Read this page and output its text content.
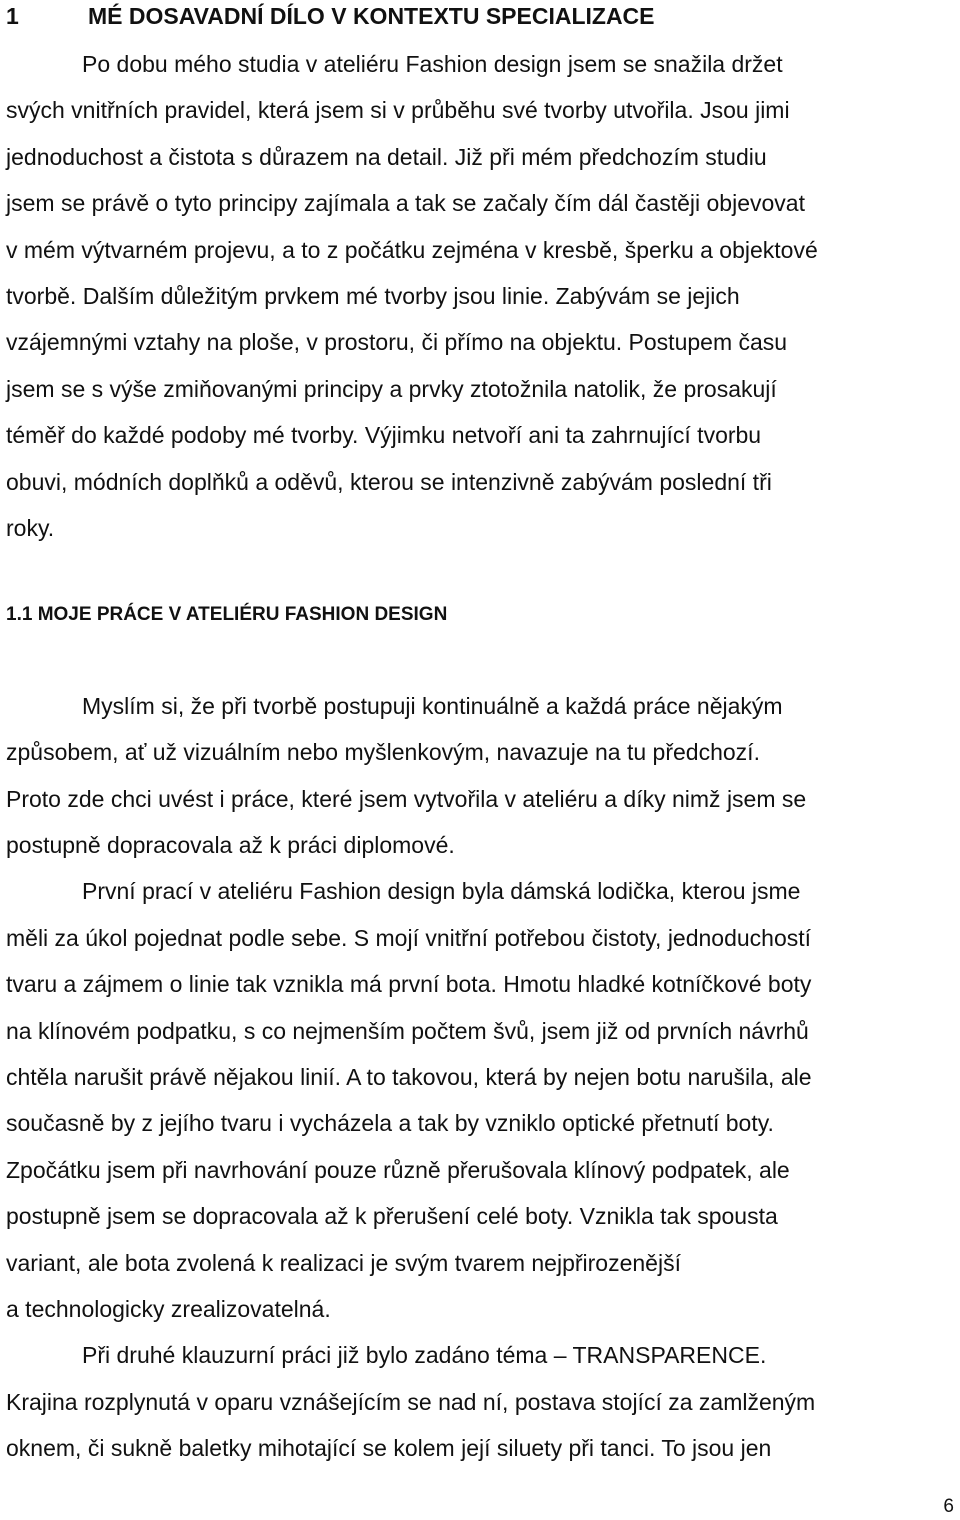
1	MÉ DOSAVADNÍ DÍLO V KONTEXTU SPECIALIZACE
Po dobu mého studia v ateliéru Fashion design jsem se snažila držet
svých vnitřních pravidel, která jsem si v průběhu své tvorby utvořila. Jsou jimi
jednoduchost a čistota s důrazem na detail. Již při mém předchozím studiu
jsem se právě o tyto principy zajímala a tak se začaly čím dál častěji objevovat
v mém výtvarném projevu, a to z počátku zejména v kresbě, šperku a objektové
tvorbě. Dalším důležitým prvkem mé tvorby jsou linie. Zabývám se jejich
vzájemnými vztahy na ploše, v prostoru, či přímo na objektu. Postupem času
jsem se s výše zmiňovanými principy a prvky ztotožnila natolik, že prosakují
téměř do každé podoby mé tvorby. Výjimku netvoří ani ta zahrnující tvorbu
obuvi, módních doplňků a oděvů, kterou se intenzivně zabývám poslední tři
roky.
1.1 MOJE PRÁCE V ATELIÉRU FASHION DESIGN
Myslím si, že při tvorbě postupuji kontinuálně a každá práce nějakým
způsobem, ať už vizuálním nebo myšlenkovým, navazuje na tu předchozí.
Proto zde chci uvést i práce, které jsem vytvořila v ateliéru a díky nimž jsem se
postupně dopracovala až k práci diplomové.
První prací v ateliéru Fashion design byla dámská lodička, kterou jsme
měli za úkol pojednat podle sebe. S mojí vnitřní potřebou čistoty, jednoduchostí
tvaru a zájmem o linie tak vznikla má první bota. Hmotu hladké kotníčkové boty
na klínovém podpatku, s co nejmenším počtem švů, jsem již od prvních návrhů
chtěla narušit právě nějakou linií. A to takovou, která by nejen botu narušila, ale
současně by z jejího tvaru i vycházela a tak by vzniklo optické přetnutí boty.
Zpočátku jsem při navrhování pouze různě přerušovala klínový podpatek, ale
postupně jsem se dopracovala až k přerušení celé boty. Vznikla tak spousta
variant, ale bota zvolená k realizaci je svým tvarem nejpřirozenější
a technologicky zrealizovatelná.
Při druhé klauzurní práci již bylo zadáno téma – TRANSPARENCE.
Krajina rozplynutá v oparu vznášejícím se nad ní, postava stojící za zamlženým
oknem, či sukně baletky mihotající se kolem její siluety při tanci. To jsou jen
6
